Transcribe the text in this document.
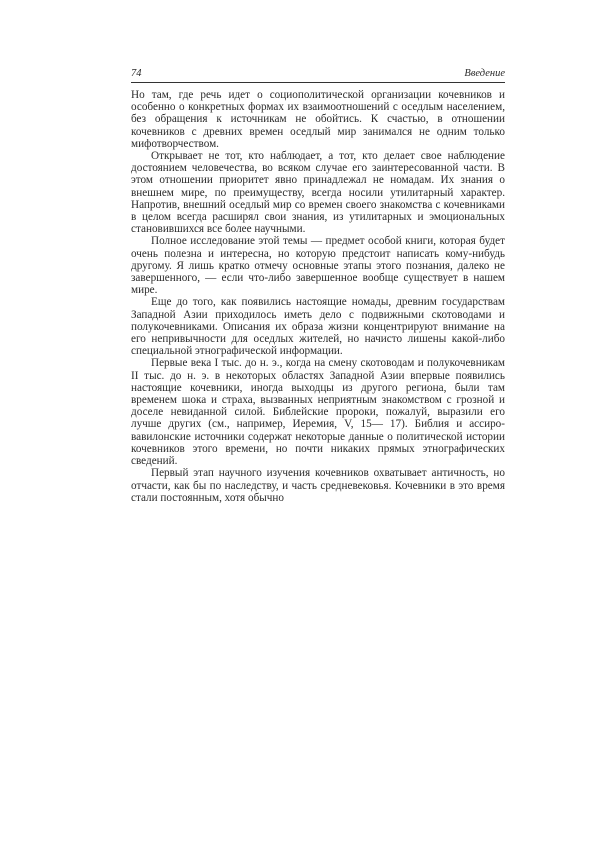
74	Введение

Но там, где речь идет о социополитической организации кочевников и особенно о конкретных формах их взаимоотношений с оседлым населением, без обращения к источникам не обойтись. К счастью, в отношении кочевников с древних времен оседлый мир занимался не одним только мифотворчеством.

Открывает не тот, кто наблюдает, а тот, кто делает свое наблюдение достоянием человечества, во всяком случае его заинтересованной части. В этом отношении приоритет явно принадлежал не номадам. Их знания о внешнем мире, по преимуществу, всегда носили утилитарный характер. Напротив, внешний оседлый мир со времен своего знакомства с кочевниками в целом всегда расширял свои знания, из утилитарных и эмоциональных становившихся все более научными.

Полное исследование этой темы — предмет особой книги, которая будет очень полезна и интересна, но которую предстоит написать кому-нибудь другому. Я лишь кратко отмечу основные этапы этого познания, далеко не завершенного, — если что-либо завершенное вообще существует в нашем мире.

Еще до того, как появились настоящие номады, древним государствам Западной Азии приходилось иметь дело с подвижными скотоводами и полукочевниками. Описания их образа жизни концентрируют внимание на его непривычности для оседлых жителей, но начисто лишены какой-либо специальной этнографической информации.

Первые века I тыс. до н. э., когда на смену скотоводам и полукочевникам II тыс. до н. э. в некоторых областях Западной Азии впервые появились настоящие кочевники, иногда выходцы из другого региона, были там временем шока и страха, вызванных неприятным знакомством с грозной и доселе невиданной силой. Библейские пророки, пожалуй, выразили его лучше других (см., например, Иеремия, V, 15— 17). Библия и ассиро-вавилонские источники содержат некоторые данные о политической истории кочевников этого времени, но почти никаких прямых этнографических сведений.

Первый этап научного изучения кочевников охватывает античность, но отчасти, как бы по наследству, и часть средневековья. Кочевники в это время стали постоянным, хотя обычно
